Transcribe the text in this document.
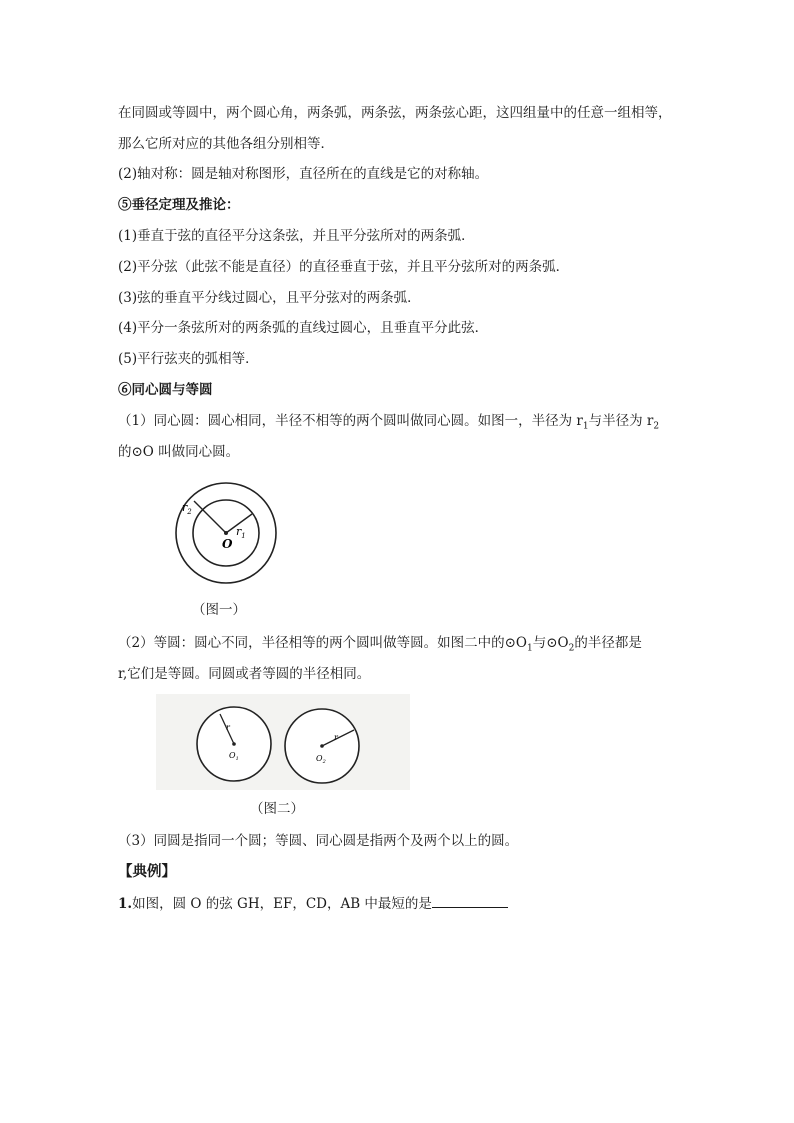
在同圆或等圆中，两个圆心角，两条弧，两条弦，两条弦心距，这四组量中的任意一组相等，
那么它所对应的其他各组分别相等．
(2)轴对称：圆是轴对称图形，直径所在的直线是它的对称轴。
⑤垂径定理及推论：
(1)垂直于弦的直径平分这条弦，并且平分弦所对的两条弧．
(2)平分弦（此弦不能是直径）的直径垂直于弦，并且平分弦所对的两条弧．
(3)弦的垂直平分线过圆心，且平分弦对的两条弧．
(4)平分一条弦所对的两条弧的直线过圆心，且垂直平分此弦．
(5)平行弦夹的弧相等．
⑥同心圆与等圆
（1）同心圆：圆心相同，半径不相等的两个圆叫做同心圆。如图一，半径为 $r_1$与半径为 $r_2$
的⊙O 叫做同心圆。
$r_2$
$r_1$
O
（图一）
（2）等圆：圆心不同，半径相等的两个圆叫做等圆。如图二中的$⊙O_1$与$⊙O_2$的半径都是
r,它们是等圆。同圆或者等圆的半径相同。
r
$O_1$
r
$O_2$
（图二）
（3）同圆是指同一个圆；等圆、同心圆是指两个及两个以上的圆。
【典例】
1.如图，圆 O 的弦 GH，EF，CD，AB 中最短的是
